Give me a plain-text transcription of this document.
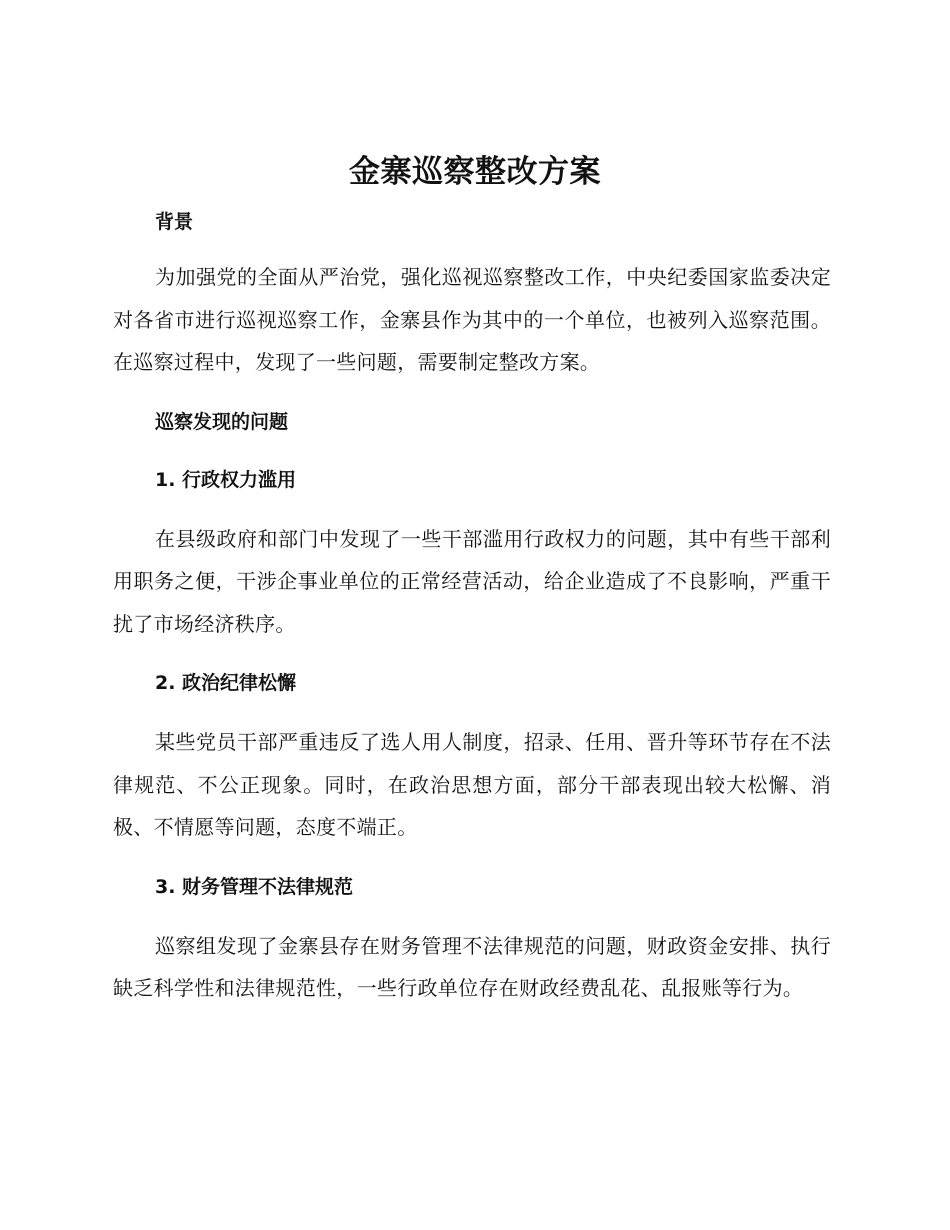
金寨巡察整改方案
背景

为加强党的全面从严治党，强化巡视巡察整改工作，中央纪委国家监委决定对各省市进行巡视巡察工作，金寨县作为其中的一个单位，也被列入巡察范围。在巡察过程中，发现了一些问题，需要制定整改方案。

巡察发现的问题
1. 行政权力滥用

在县级政府和部门中发现了一些干部滥用行政权力的问题，其中有些干部利用职务之便，干涉企事业单位的正常经营活动，给企业造成了不良影响，严重干扰了市场经济秩序。

2. 政治纪律松懈

某些党员干部严重违反了选人用人制度，招录、任用、晋升等环节存在不法律规范、不公正现象。同时，在政治思想方面，部分干部表现出较大松懈、消极、不情愿等问题，态度不端正。

3. 财务管理不法律规范

巡察组发现了金寨县存在财务管理不法律规范的问题，财政资金安排、执行缺乏科学性和法律规范性，一些行政单位存在财政经费乱花、乱报账等行为。
